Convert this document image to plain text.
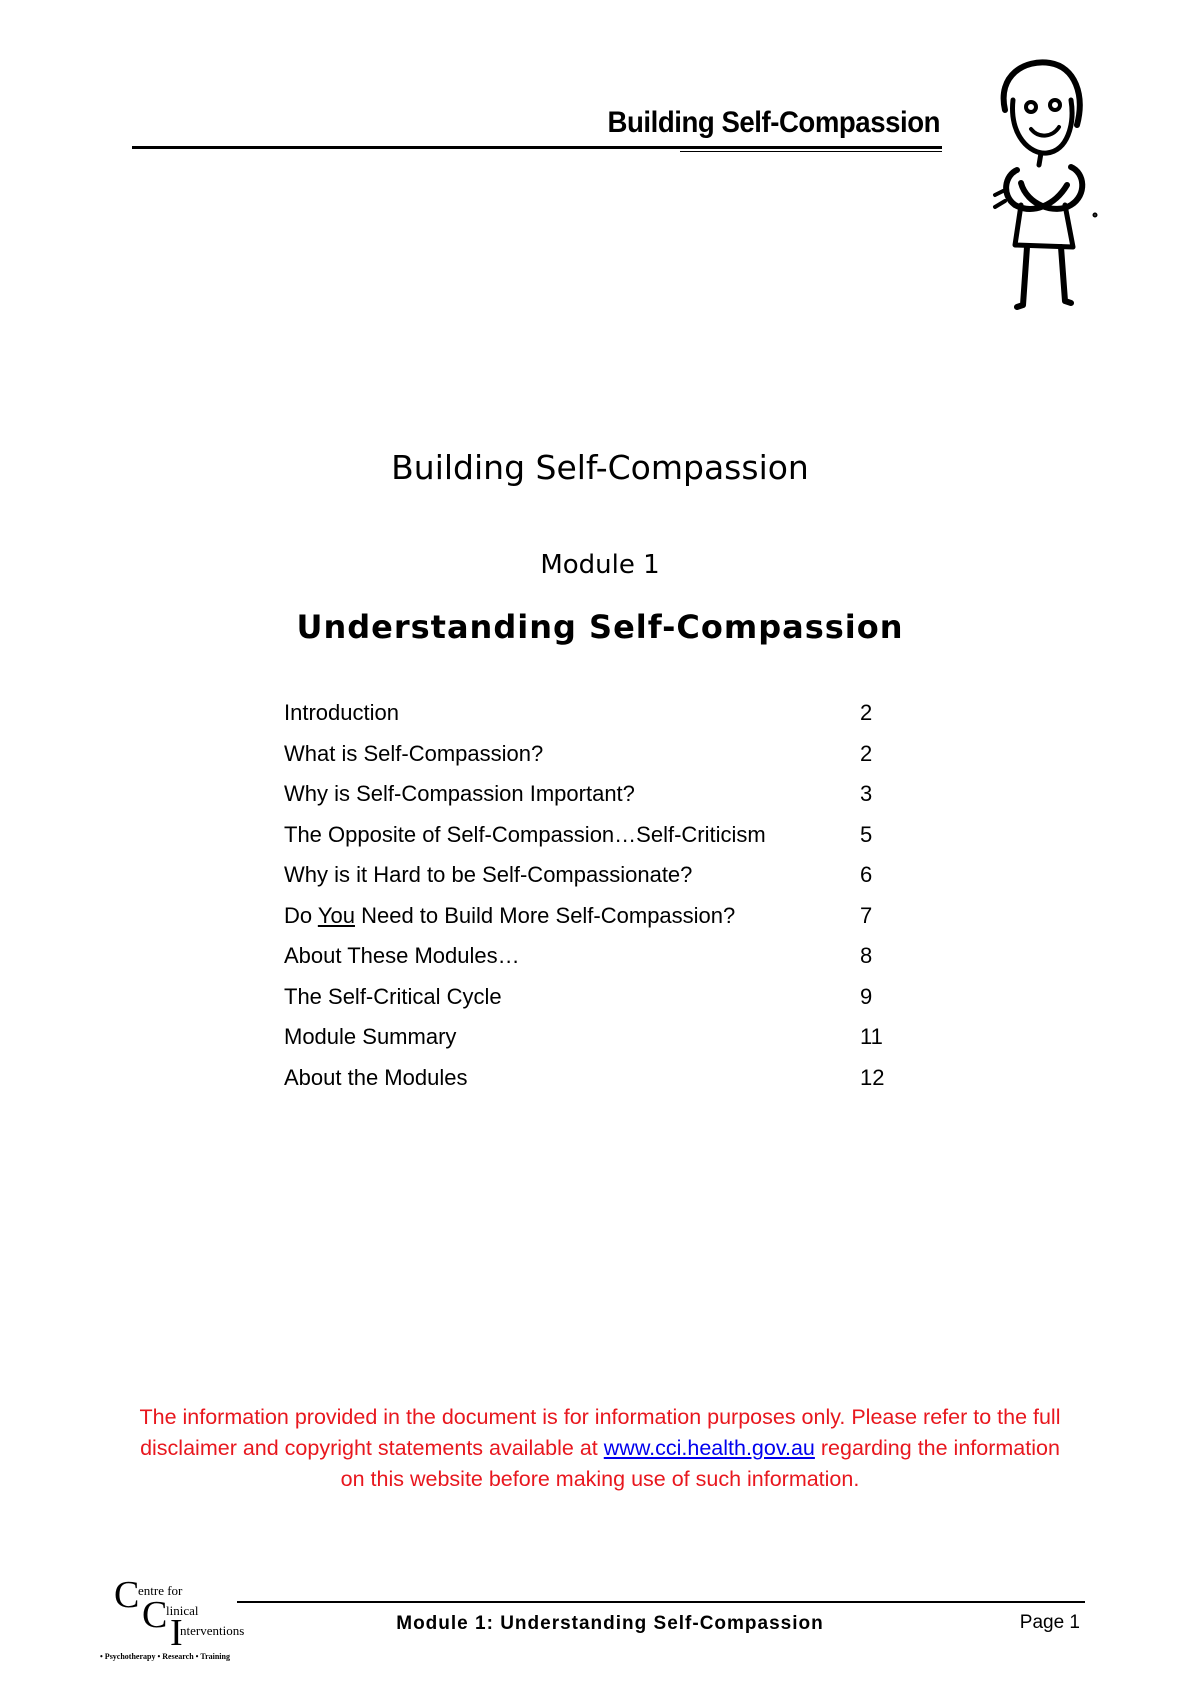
Building Self-Compassion
Building Self-Compassion
Module 1
Understanding Self-Compassion
Introduction	2
What is Self-Compassion?	2
Why is Self-Compassion Important?	3
The Opposite of Self-Compassion…Self-Criticism	5
Why is it Hard to be Self-Compassionate?	6
Do You Need to Build More Self-Compassion?	7
About These Modules…	8
The Self-Critical Cycle	9
Module Summary	11
About the Modules	12
The information provided in the document is for information purposes only. Please refer to the full disclaimer and copyright statements available at www.cci.health.gov.au regarding the information on this website before making use of such information.
C
entre for
C
linical
I
nterventions
• Psychotherapy • Research • Training
Module 1: Understanding Self-Compassion	Page 1
